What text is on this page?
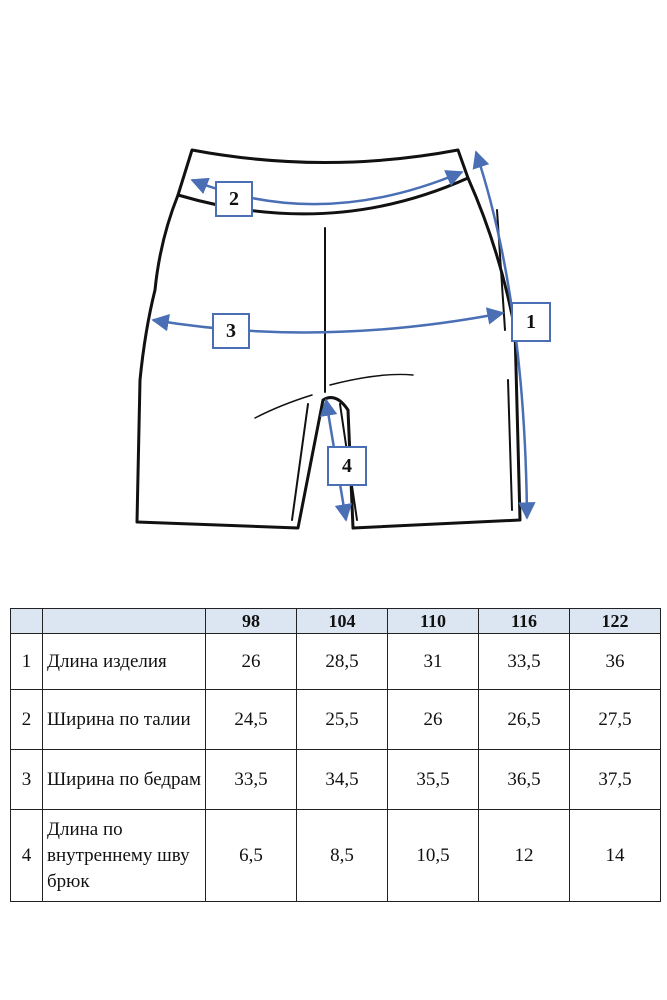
1
2
3
4
		98	104	110	116	122
1	Длина изделия	26	28,5	31	33,5	36
2	Ширина по талии	24,5	25,5	26	26,5	27,5
3	Ширина по бедрам	33,5	34,5	35,5	36,5	37,5
4	Длина по внутреннему шву брюк	6,5	8,5	10,5	12	14
